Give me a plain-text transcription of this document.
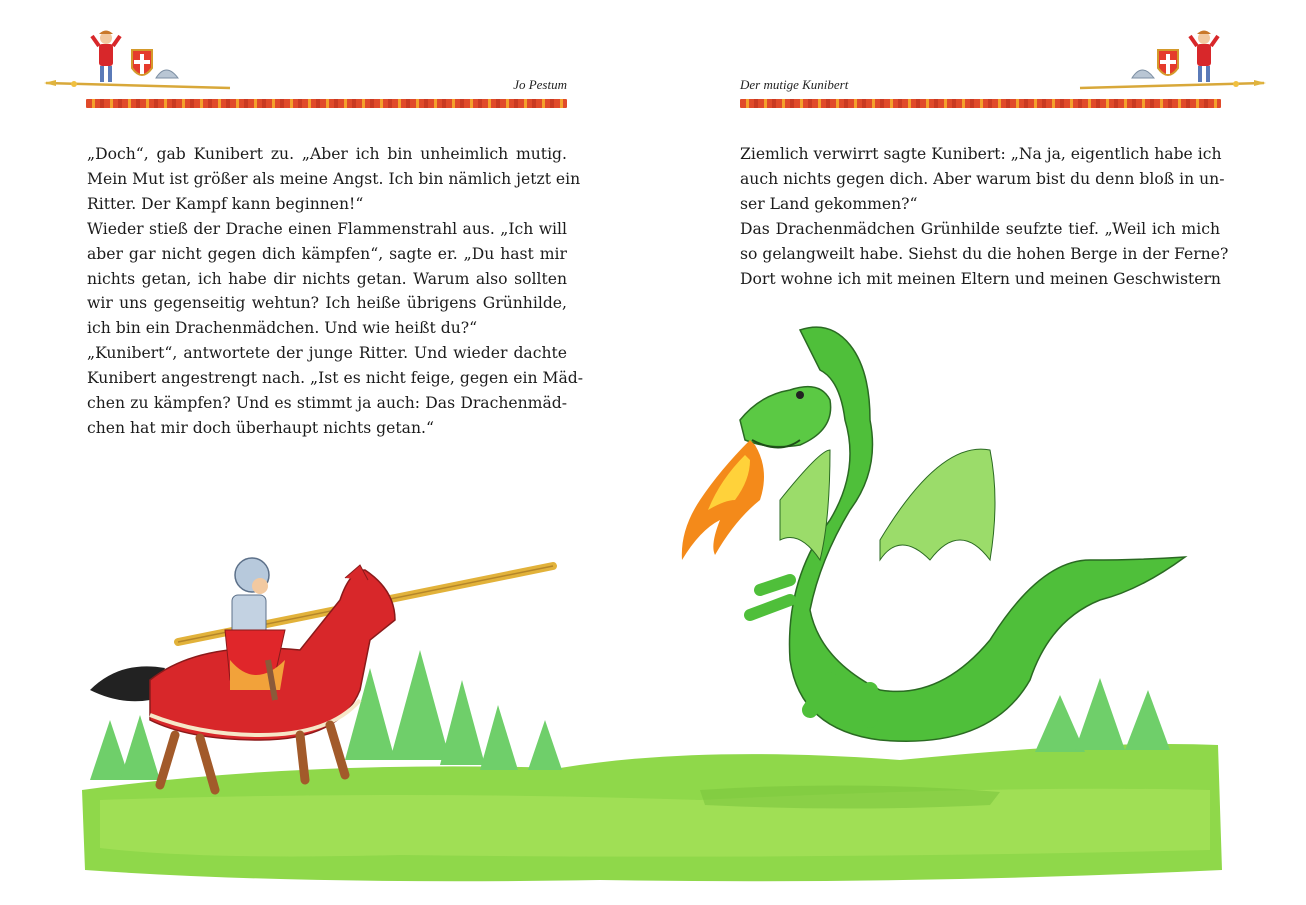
Jo Pestum

„Doch“, gab Kunibert zu. „Aber ich bin unheimlich mutig.
Mein Mut ist größer als meine Angst. Ich bin nämlich jetzt ein
Ritter. Der Kampf kann beginnen!“

Wieder stieß der Drache einen Flammenstrahl aus. „Ich will
aber gar nicht gegen dich kämpfen“, sagte er. „Du hast mir
nichts getan, ich habe dir nichts getan. Warum also sollten
wir uns gegenseitig wehtun? Ich heiße übrigens Grünhilde,
ich bin ein Drachenmädchen. Und wie heißt du?“

„Kunibert“, antwortete der junge Ritter. Und wieder dachte
Kunibert angestrengt nach. „Ist es nicht feige, gegen ein Mäd-
chen zu kämpfen? Und es stimmt ja auch: Das Drachenmäd-
chen hat mir doch überhaupt nichts getan.“

Der mutige Kunibert

Ziemlich verwirrt sagte Kunibert: „Na ja, eigentlich habe ich
auch nichts gegen dich. Aber warum bist du denn bloß in un-
ser Land gekommen?“

Das Drachenmädchen Grünhilde seufzte tief. „Weil ich mich
so gelangweilt habe. Siehst du die hohen Berge in der Ferne?
Dort wohne ich mit meinen Eltern und meinen Geschwistern
